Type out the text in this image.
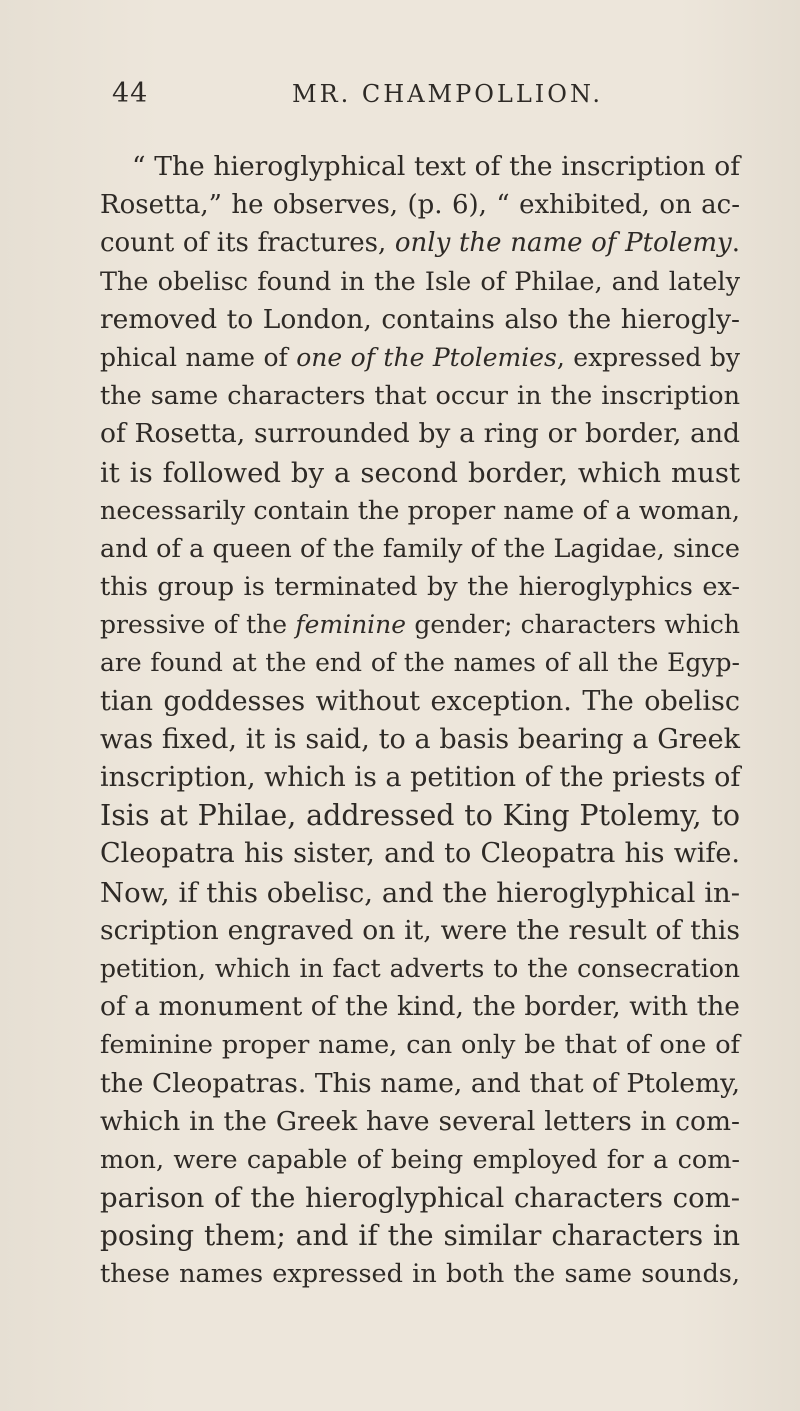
44	MR. CHAMPOLLION.
“ The hieroglyphical text of the inscription of
Rosetta,” he observes, (p. 6), “ exhibited, on ac-
count of its fractures, only the name of Ptolemy.
The obelisc found in the Isle of Philae, and lately
removed to London, contains also the hierogly-
phical name of one of the Ptolemies, expressed by
the same characters that occur in the inscription
of Rosetta, surrounded by a ring or border, and
it is followed by a second border, which must
necessarily contain the proper name of a woman,
and of a queen of the family of the Lagidae, since
this group is terminated by the hieroglyphics ex-
pressive of the feminine gender; characters which
are found at the end of the names of all the Egyp-
tian goddesses without exception. The obelisc
was fixed, it is said, to a basis bearing a Greek
inscription, which is a petition of the priests of
Isis at Philae, addressed to King Ptolemy, to
Cleopatra his sister, and to Cleopatra his wife.
Now, if this obelisc, and the hieroglyphical in-
scription engraved on it, were the result of this
petition, which in fact adverts to the consecration
of a monument of the kind, the border, with the
feminine proper name, can only be that of one of
the Cleopatras. This name, and that of Ptolemy,
which in the Greek have several letters in com-
mon, were capable of being employed for a com-
parison of the hieroglyphical characters com-
posing them; and if the similar characters in
these names expressed in both the same sounds,
